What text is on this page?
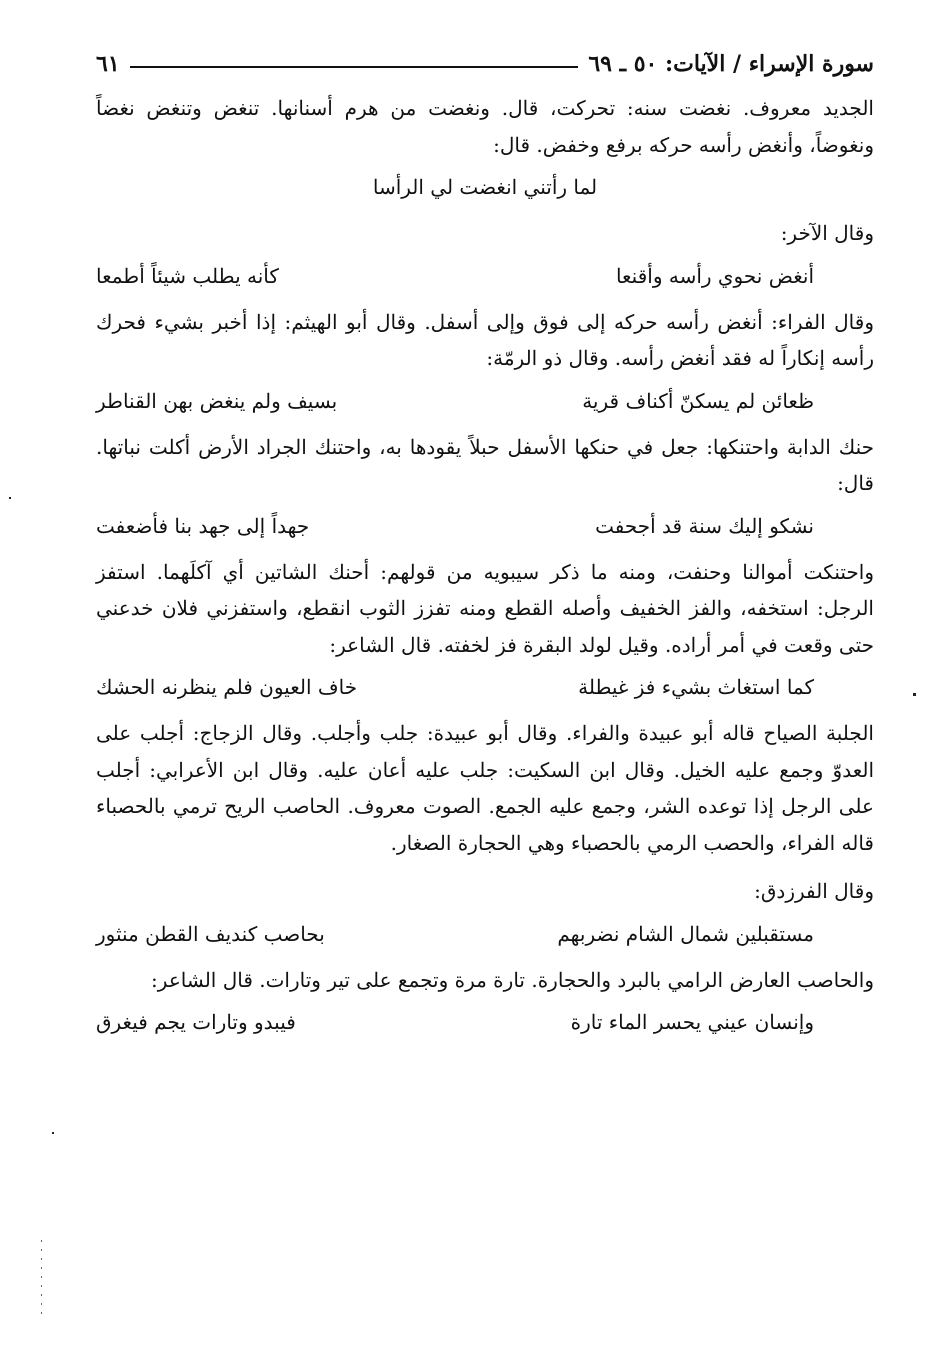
سورة الإسراء / الآيات: ٥٠ ـ ٦٩
٦١
الجديد معروف. نغضت سنه: تحركت، قال. ونغضت من هرم أسنانها. تنغض وتنغض نغضاً ونغوضاً، وأنغض رأسه حركه برفع وخفض. قال:
لما رأتني انغضت لي الرأسا
وقال الآخر:
أنغض نحوي رأسه وأقنعا
كأنه يطلب شيئاً أطمعا
وقال الفراء: أنغض رأسه حركه إلى فوق وإلى أسفل. وقال أبو الهيثم: إذا أخبر بشيء فحرك رأسه إنكاراً له فقد أنغض رأسه. وقال ذو الرمّة:
ظعائن لم يسكنّ أكناف قرية
بسيف ولم ينغض بهن القناطر
حنك الدابة واحتنكها: جعل في حنكها الأسفل حبلاً يقودها به، واحتنك الجراد الأرض أكلت نباتها. قال:
نشكو إليك سنة قد أجحفت
جهداً إلى جهد بنا فأضعفت
واحتنكت أموالنا وحنفت، ومنه ما ذكر سيبويه من قولهم: أحنك الشاتين أي آكلَهما. استفز الرجل: استخفه، والفز الخفيف وأصله القطع ومنه تفزز الثوب انقطع، واستفزني فلان خدعني حتى وقعت في أمر أراده. وقيل لولد البقرة فز لخفته. قال الشاعر:
كما استغاث بشيء فز غيطلة
خاف العيون فلم ينظرنه الحشك
الجلبة الصياح قاله أبو عبيدة والفراء. وقال أبو عبيدة: جلب وأجلب. وقال الزجاج: أجلب على العدوّ وجمع عليه الخيل. وقال ابن السكيت: جلب عليه أعان عليه. وقال ابن الأعرابي: أجلب على الرجل إذا توعده الشر، وجمع عليه الجمع. الصوت معروف. الحاصب الريح ترمي بالحصباء قاله الفراء، والحصب الرمي بالحصباء وهي الحجارة الصغار.
وقال الفرزدق:
مستقبلين شمال الشام نضربهم
بحاصب كنديف القطن منثور
والحاصب العارض الرامي بالبرد والحجارة. تارة مرة وتجمع على تير وتارات. قال الشاعر:
وإنسان عيني يحسر الماء تارة
فيبدو وتارات يجم فيغرق
